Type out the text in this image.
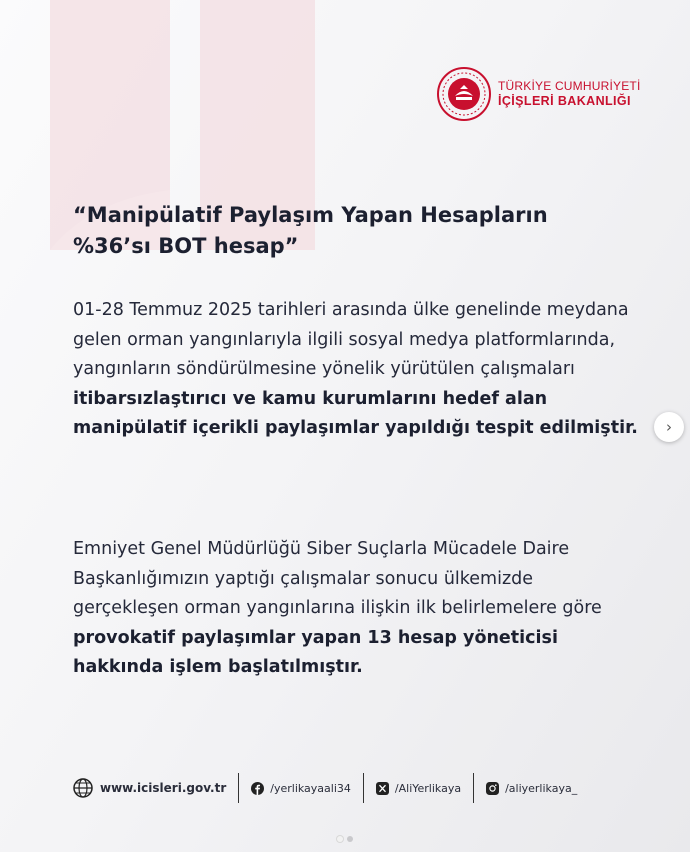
TÜRKİYE CUMHURİYETİ
İÇİŞLERİ BAKANLIĞI
“Manipülatif Paylaşım Yapan Hesapların
%36’sı BOT hesap”

01-28 Temmuz 2025 tarihleri arasında ülke genelinde meydana gelen orman yangınlarıyla ilgili sosyal medya platformlarında, yangınların söndürülmesine yönelik yürütülen çalışmaları itibarsızlaştırıcı ve kamu kurumlarını hedef alan manipülatif içerikli paylaşımlar yapıldığı tespit edilmiştir.

Emniyet Genel Müdürlüğü Siber Suçlarla Mücadele Daire Başkanlığımızın yaptığı çalışmalar sonucu ülkemizde gerçekleşen orman yangınlarına ilişkin ilk belirlemelere göre provokatif paylaşımlar yapan 13 hesap yöneticisi hakkında işlem başlatılmıştır.

›
www.icisleri.gov.tr	/yerlikayaali34	/AliYerlikaya	/aliyerlikaya_
